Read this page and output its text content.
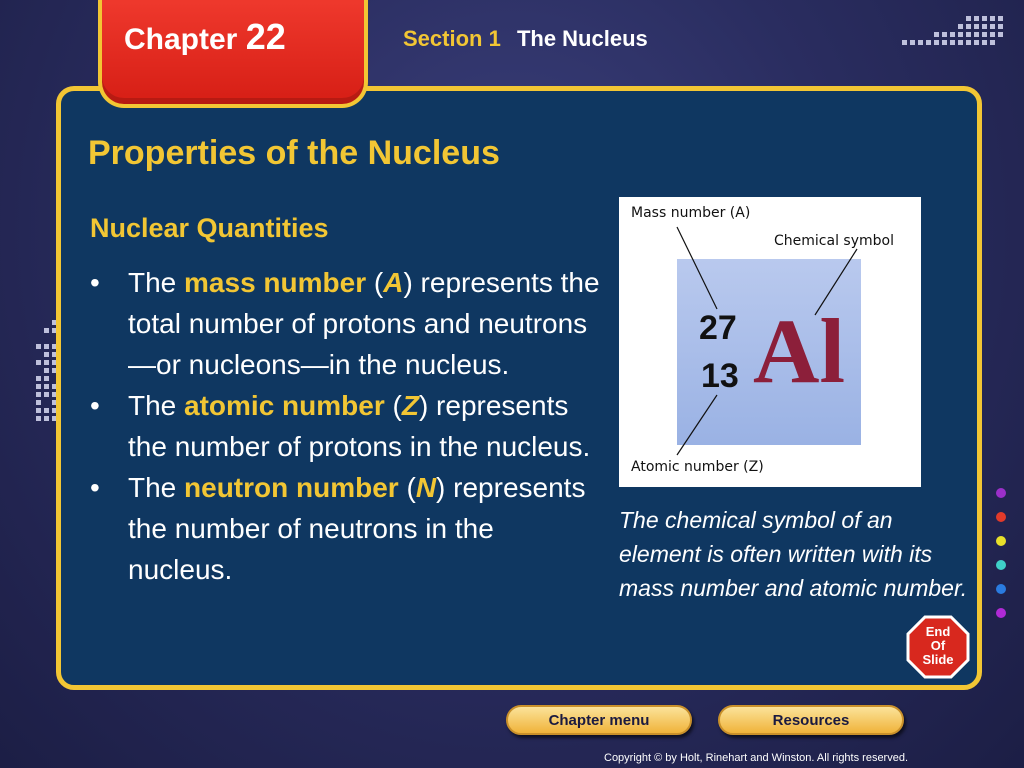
Chapter 22	Section 1 The Nucleus
Properties of the Nucleus
Nuclear Quantities
• The mass number (A) represents the total number of protons and neutrons—or nucleons—in the nucleus.
• The atomic number (Z) represents the number of protons in the nucleus.
• The neutron number (N) represents the number of neutrons in the nucleus.
Mass number (A)
Chemical symbol
Atomic number (Z)
27
13 Al
The chemical symbol of an element is often written with its mass number and atomic number.
End
Of
Slide
Chapter menu	Resources
Copyright © by Holt, Rinehart and Winston. All rights reserved.
